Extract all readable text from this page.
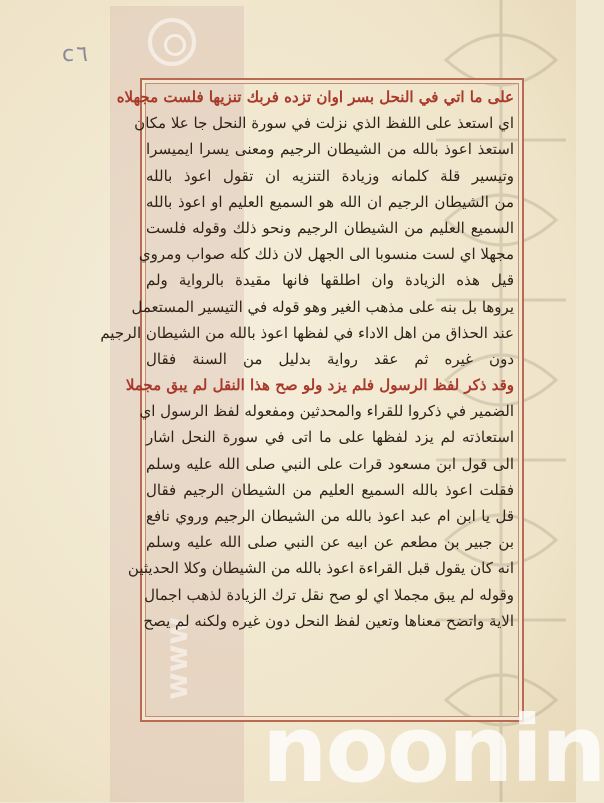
www
c٦
على ما اتي في النحل بسر اوان تزده فربك تنزيها فلست مجهلاه
اي استعذ على اللفظ الذي نزلت في سورة النحل جا علا مكان
استعذ اعوذ بالله من الشيطان الرجيم ومعنى يسرا ايميسرا
وتيسير قلة كلمانه وزيادة التنزيه ان تقول اعوذ بالله
من الشيطان الرجيم ان الله هو السميع العليم او اعوذ بالله
السميع العليم من الشيطان الرجيم ونحو ذلك وقوله فلست
مجهلا اي لست منسوبا الى الجهل لان ذلك كله صواب ومروي
قيل هذه الزيادة وان اطلقها فانها مقيدة بالرواية ولم
يروها بل بنه على مذهب الغير وهو قوله في التيسير المستعمل
عند الحذاق من اهل الاداء في لفظها اعوذ بالله من الشيطان الرجيم
دون غيره ثم عقد رواية بدليل من السنة فقال
وقد ذكر لفظ الرسول فلم يزد ولو صح هذا النقل لم يبق مجملا
الضمير في ذكروا للقراء والمحدثين ومفعوله لفظ الرسول اي
استعاذته لم يزد لفظها على ما اتى في سورة النحل اشار
الى قول ابن مسعود قرات على النبي صلى الله عليه وسلم
فقلت اعوذ بالله السميع العليم من الشيطان الرجيم فقال
قل يا ابن ام عبد اعوذ بالله من الشيطان الرجيم وروي نافع
بن جبير بن مطعم عن ابيه عن النبي صلى الله عليه وسلم
انه كان يقول قبل القراءة اعوذ بالله من الشيطان وكلا الحديثين
وقوله لم يبق مجملا اي لو صح نقل ترك الزيادة لذهب اجمال
الاية واتضح معناها وتعين لفظ النحل دون غيره ولكنه لم يصح
noonin
